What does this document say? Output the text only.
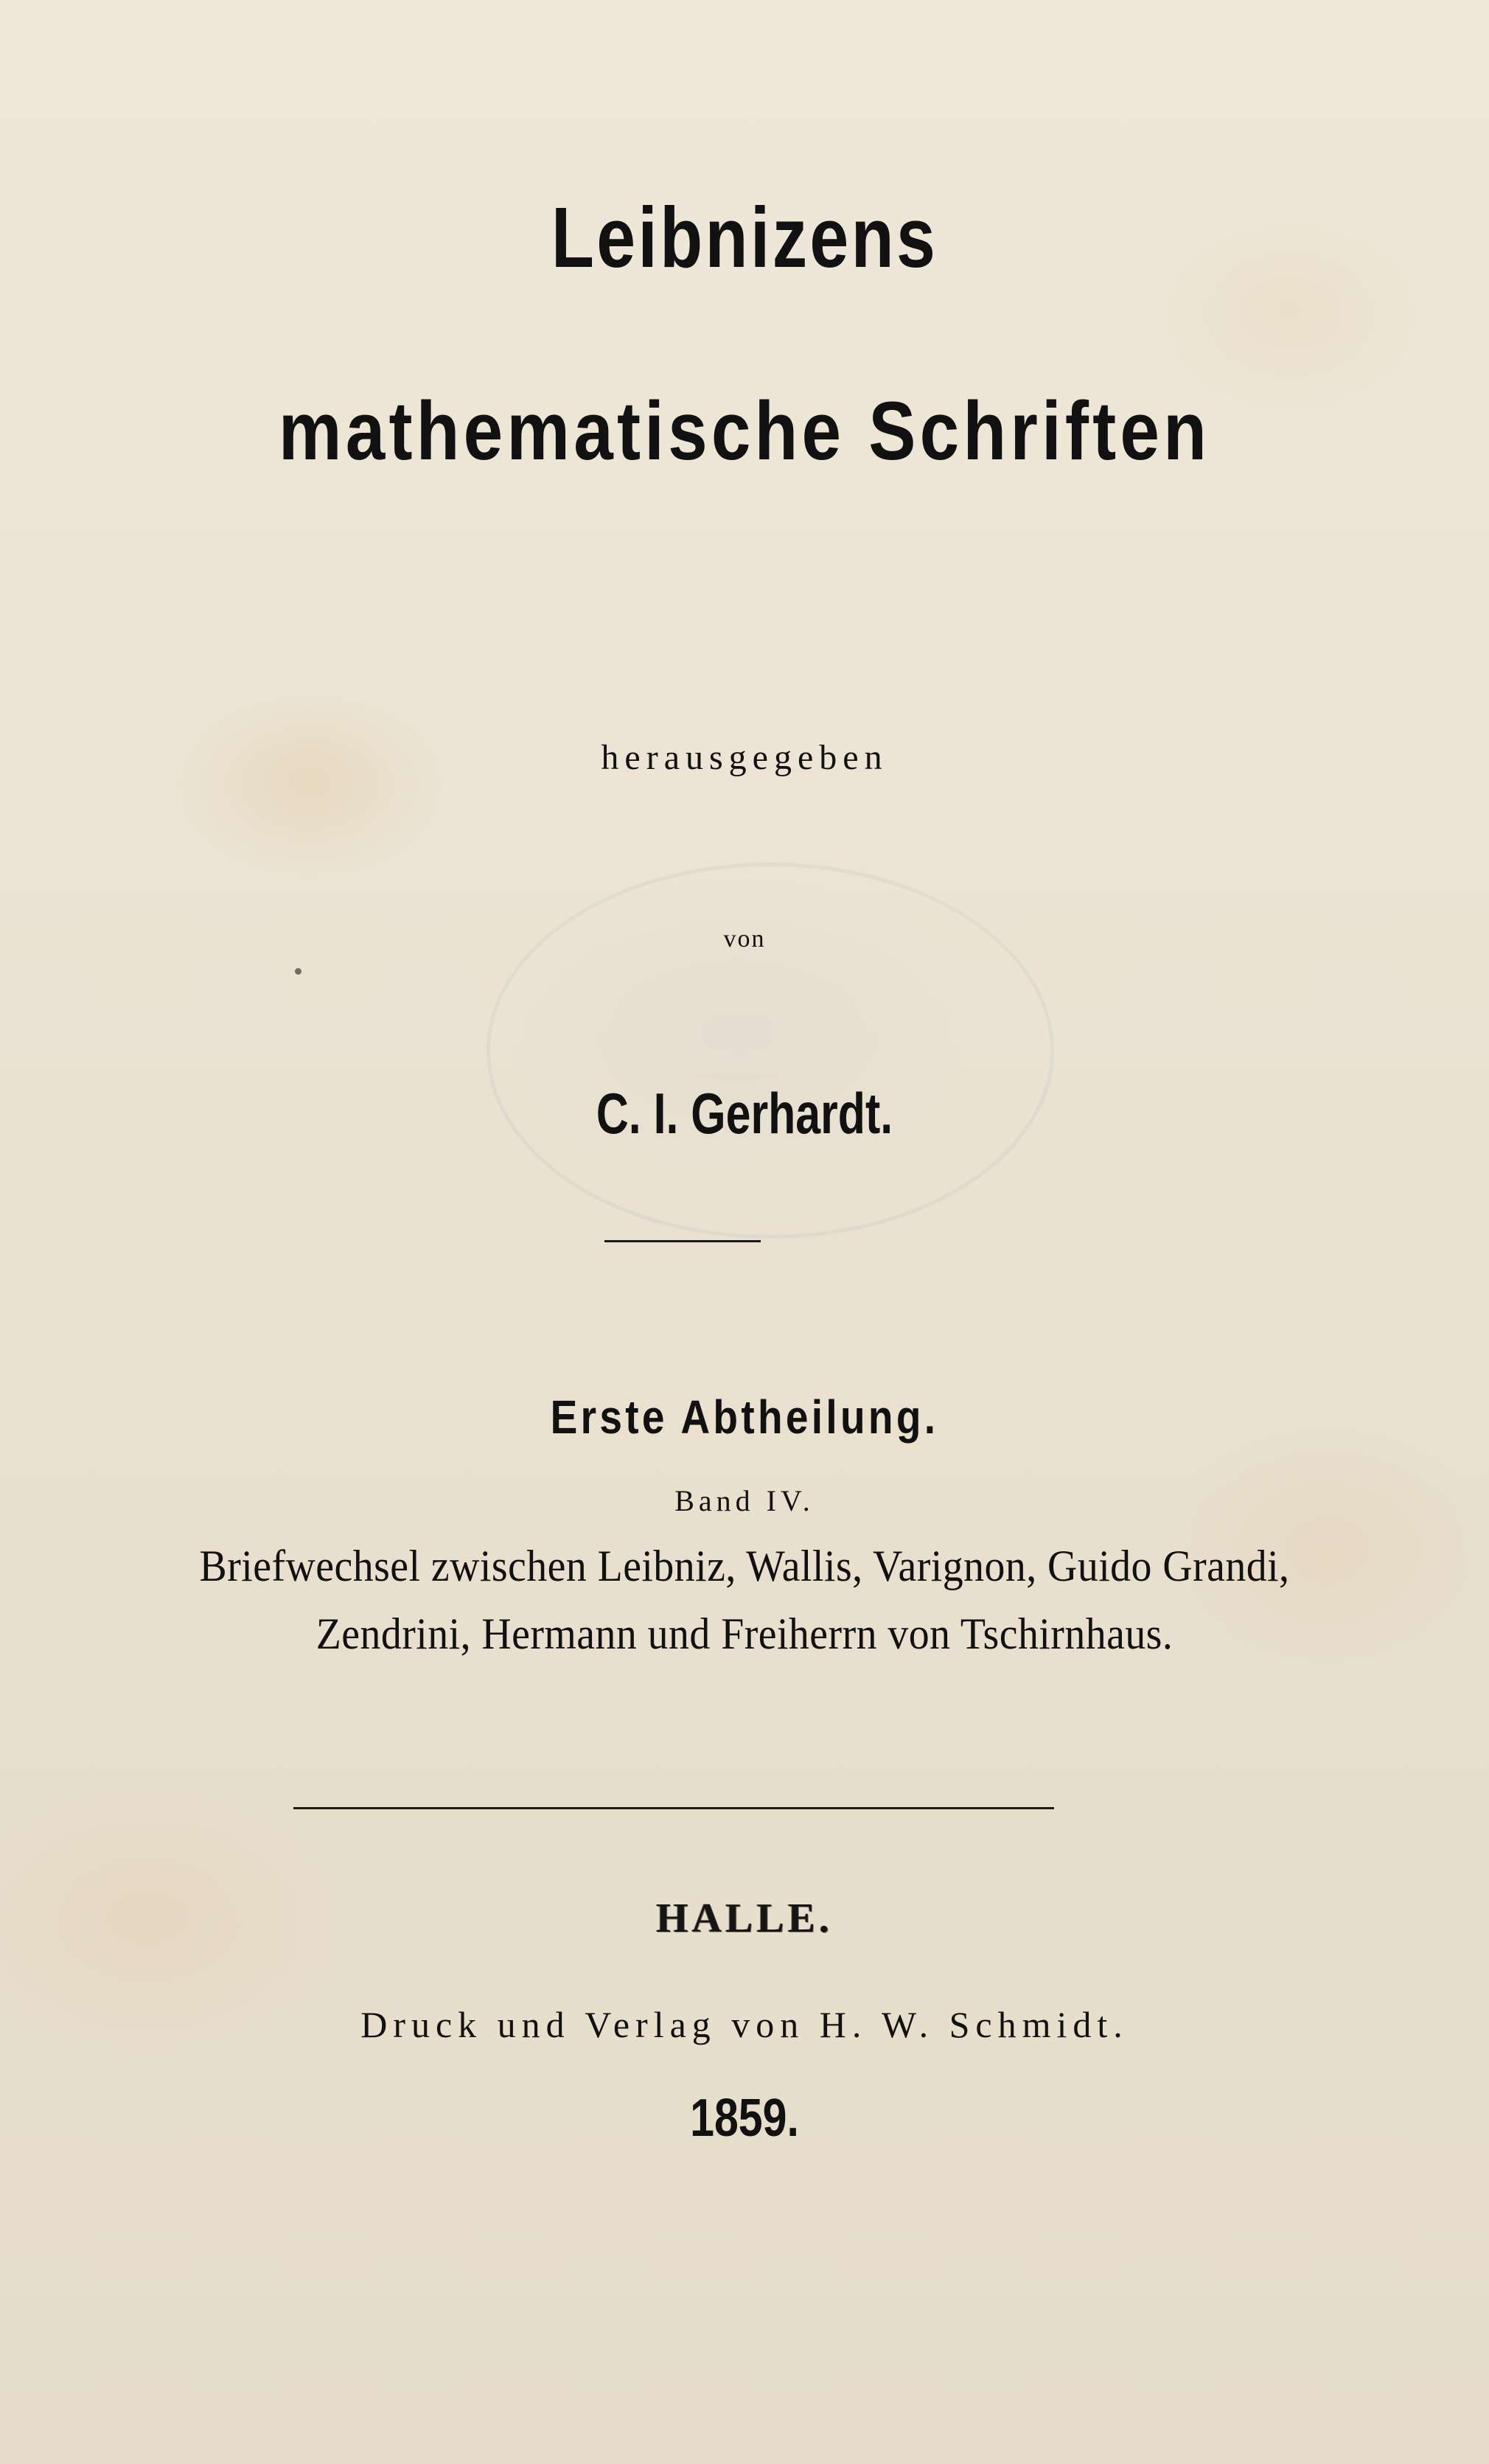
Leibnizens
mathematische Schriften
herausgegeben
von
C. I. Gerhardt.
Erste Abtheilung.
Band IV.
Briefwechsel zwischen Leibniz, Wallis, Varignon, Guido Grandi,
Zendrini, Hermann und Freiherrn von Tschirnhaus.
HALLE.
Druck und Verlag von H. W. Schmidt.
1859.
